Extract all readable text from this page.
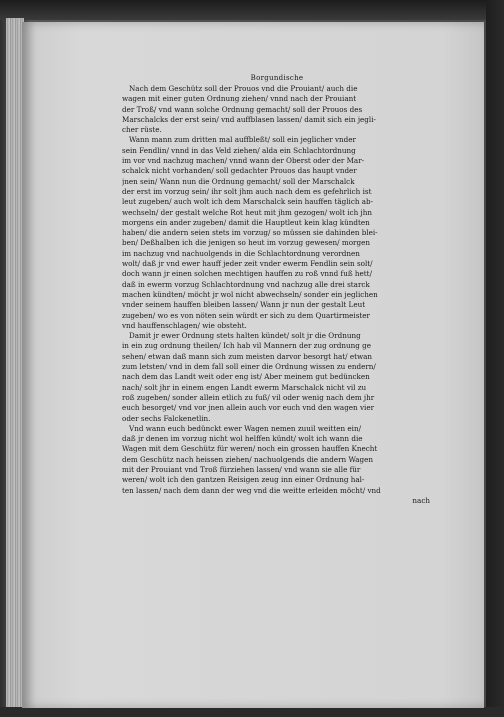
Borgundische
Nach dem Geschütz soll der Prouos vnd die Prouiant/ auch die
wagen mit einer guten Ordnung ziehen/ vnnd nach der Prouiant
der Troß/ vnd wann solche Ordnung gemacht/ soll der Prouos des
Marschalcks der erst sein/ vnd auffblasen lassen/ damit sich ein jegli-
cher rüste.
Wann mann zum dritten mal auffbleßt/ soll ein jeglicher vnder
sein Fendlin/ vnnd in das Veld ziehen/ alda ein Schlachtordnung
im vor vnd nachzug machen/ vnnd wann der Oberst oder der Mar-
schalck nicht vorhanden/ soll gedachter Prouos das haupt vnder
jnen sein/ Wann nun die Ordnung gemacht/ soll der Marschalck
der erst im vorzug sein/ ihr solt jhm auch nach dem es gefehrlich ist
leut zugeben/ auch wolt ich dem Marschalck sein hauffen täglich ab-
wechseln/ der gestalt welche Rot heut mit jhm gezogen/ wolt ich jhn
morgens ein ander zugeben/ damit die Hauptleut kein klag kündten
haben/ die andern seien stets im vorzug/ so müssen sie dahinden blei-
ben/ Deßhalben ich die jenigen so heut im vorzug gewesen/ morgen
im nachzug vnd nachuolgends in die Schlachtordnung verordnen
wolt/ daß jr vnd ewer hauff jeder zeit vnder ewerm Fendlin sein solt/
doch wann jr einen solchen mechtigen hauffen zu roß vnnd fuß hett/
daß in ewerm vorzug Schlachtordnung vnd nachzug alle drei starck
machen kündten/ möcht jr wol nicht abwechseln/ sonder ein jeglichen
vnder seinem hauffen bleiben lassen/ Wann jr nun der gestalt Leut
zugeben/ wo es von nöten sein würdt er sich zu dem Quartirmeister
vnd hauffenschlagen/ wie obsteht.
Damit jr ewer Ordnung stets halten kündet/ solt jr die Ordnung
in ein zug ordnung theilen/ Ich hab vil Mannern der zug ordnung ge
sehen/ etwan daß mann sich zum meisten darvor besorgt hat/ etwan
zum letsten/ vnd in dem fall soll einer die Ordnung wissen zu endern/
nach dem das Landt weit oder eng ist/ Aber meinem gut bedüncken
nach/ solt jhr in einem engen Landt ewerm Marschalck nicht vil zu
roß zugeben/ sonder allein etlich zu fuß/ vil oder wenig nach dem jhr
euch besorget/ vnd vor jnen allein auch vor euch vnd den wagen vier
oder sechs Falckenetlin.
Vnd wann euch bedünckt ewer Wagen nemen zuuil weitten ein/
daß jr denen im vorzug nicht wol helffen kündt/ wolt ich wann die
Wagen mit dem Geschütz für weren/ noch ein grossen hauffen Knecht
dem Geschütz nach heissen ziehen/ nachuolgends die andern Wagen
mit der Prouiant vnd Troß fürziehen lassen/ vnd wann sie alle für
weren/ wolt ich den gantzen Reisigen zeug inn einer Ordnung hal-
ten lassen/ nach dem dann der weg vnd die weitte erleiden möcht/ vnd
nach
